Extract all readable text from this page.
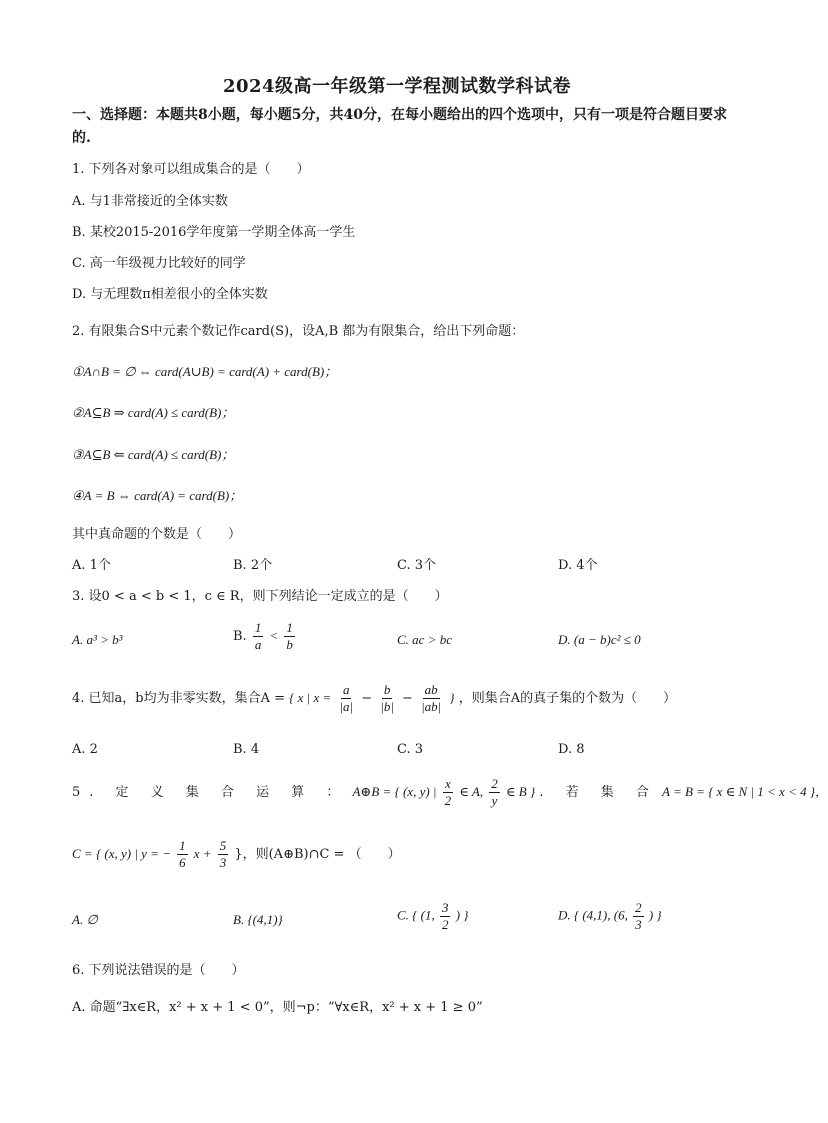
2024级高一年级第一学程测试数学科试卷
一、选择题：本题共8小题，每小题5分，共40分，在每小题给出的四个选项中，只有一项是符合题目要求的.
1. 下列各对象可以组成集合的是（　　）
A. 与1非常接近的全体实数
B. 某校2015-2016学年度第一学期全体高一学生
C. 高一年级视力比较好的同学
D. 与无理数π相差很小的全体实数
2. 有限集合S中元素个数记作card(S)，设A,B 都为有限集合，给出下列命题：
①A∩B = ∅ ⇔ card(A∪B) = card(A) + card(B)；
②A⊆B ⇒ card(A) ≤ card(B)；
③A⊆B ⇐ card(A) ≤ card(B)；
④A = B ⇔ card(A) = card(B)；
其中真命题的个数是（　　）
A. 1个	B. 2个	C. 3个	D. 4个
3. 设0 < a < b < 1，c ∈ R，则下列结论一定成立的是（　　）
A. a³ > b³	B. $\frac{1}{a} < \frac{1}{b}$	C. ac > bc	D. (a − b)c² ≤ 0
4. 已知a，b均为非零实数，集合A = { x | $x = \frac{a}{|a|} - \frac{b}{|b|} - \frac{ab}{|ab|}$ } ，则集合A的真子集的个数为（　　）
A. 2	B. 4	C. 3	D. 8
5. 定 义 集 合 运 算 ： A⊕B = { (x, y) | $\frac{x}{2}$ ∈ A, $\frac{2}{y}$ ∈ B } . 若 集 合 A = B = { x ∈ N | 1 < x < 4 }，
C = { (x, y) | y = − $\frac{1}{6}$ $x + \frac{5}{3}$ }，则(A⊕B)∩C = （　　）
A. ∅	B. {(4,1)}	C. { (1, $\frac{3}{2}$ ) }	D. { (4,1), (6, $\frac{2}{3}$ ) }
6. 下列说法错误的是（　　）
A. 命题“∃x∈R，x² + x + 1 < 0”，则¬p：“∀x∈R，x² + x + 1 ≥ 0”
